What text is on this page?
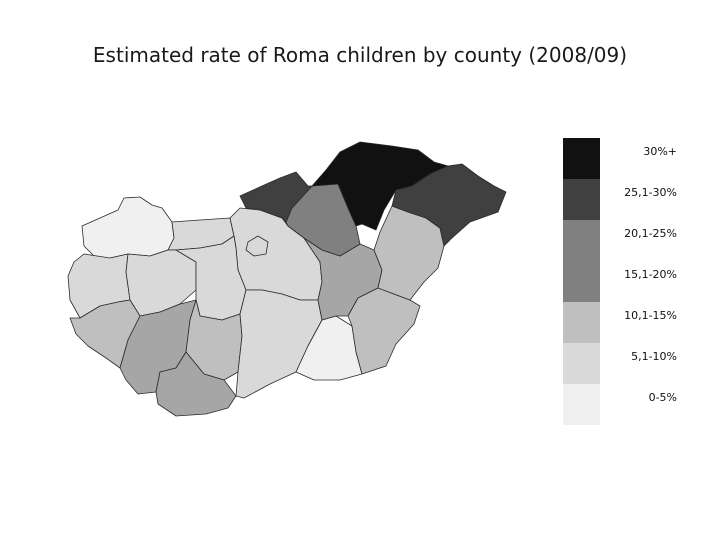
Estimated rate of Roma children by county (2008/09)
30%+
25,1-30%
20,1-25%
15,1-20%
10,1-15%
5,1-10%
0-5%
